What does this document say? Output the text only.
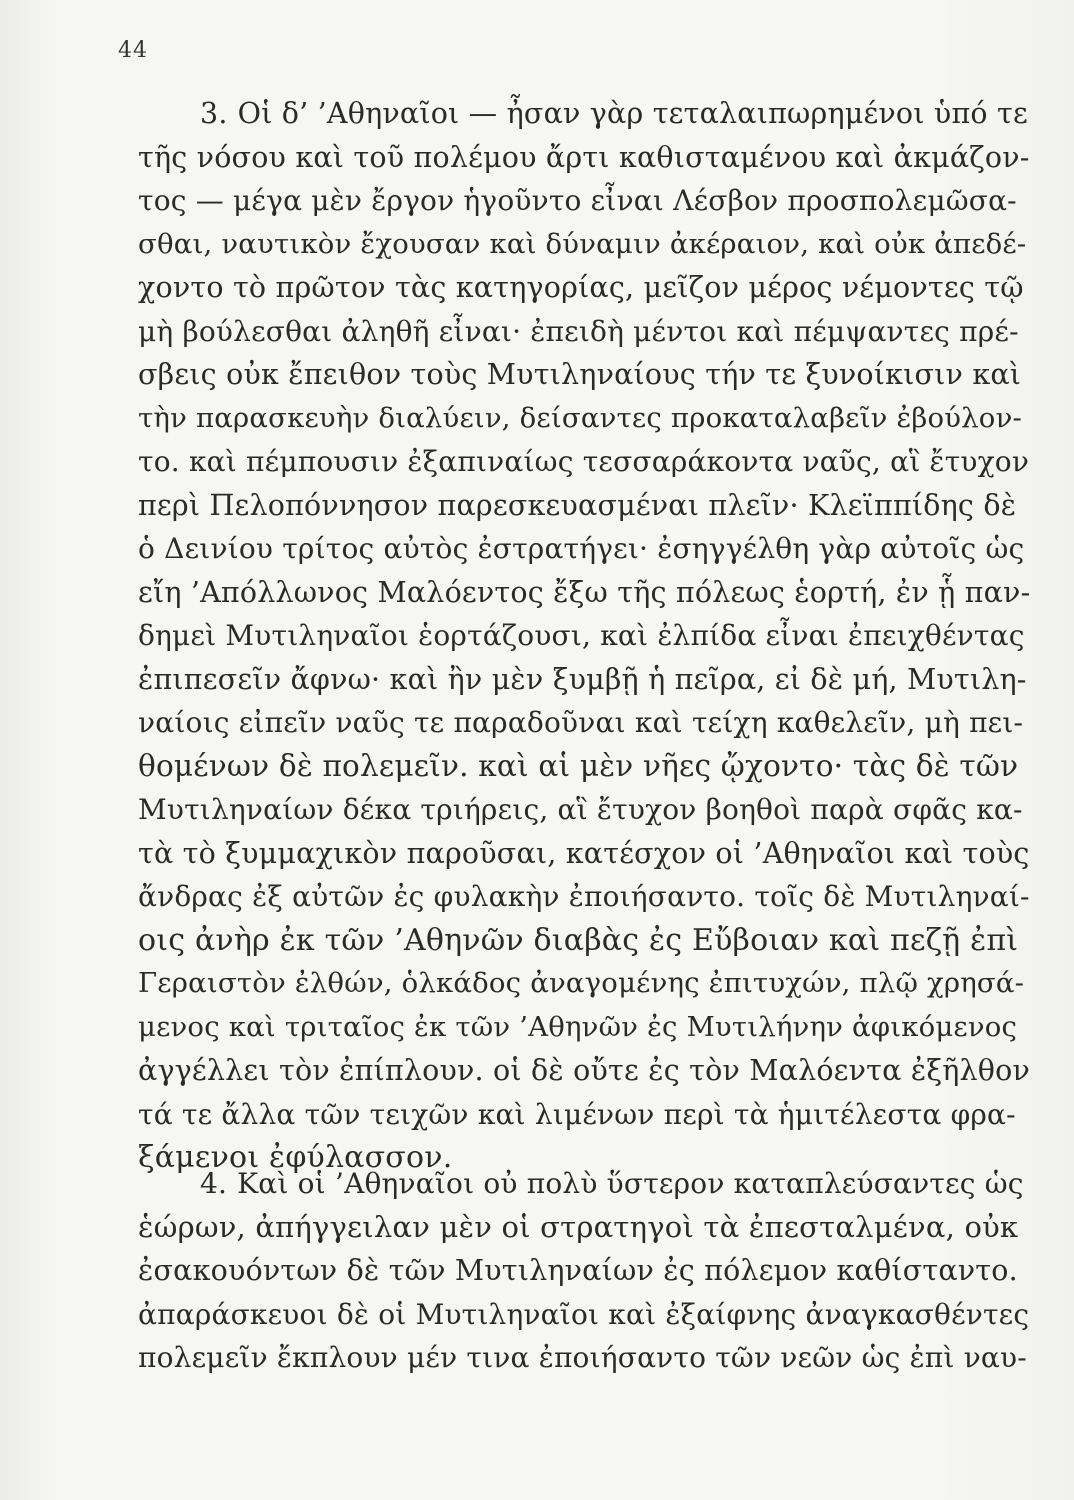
44
3. Οἱ δ’ ’Αθηναῖοι — ἦσαν γὰρ τεταλαιπωρημένοι ὑπό τε
τῆς νόσου καὶ τοῦ πολέμου ἄρτι καθισταμένου καὶ ἀκμάζον-
τος — μέγα μὲν ἔργον ἡγοῦντο εἶναι Λέσβον προσπολεμῶσα-
σθαι, ναυτικὸν ἔχουσαν καὶ δύναμιν ἀκέραιον, καὶ οὐκ ἀπεδέ-
χοντο τὸ πρῶτον τὰς κατηγορίας, μεῖζον μέρος νέμοντες τῷ
μὴ βούλεσθαι ἀληθῆ εἶναι· ἐπειδὴ μέντοι καὶ πέμψαντες πρέ-
σβεις οὐκ ἔπειθον τοὺς Μυτιληναίους τήν τε ξυνοίκισιν καὶ
τὴν παρασκευὴν διαλύειν, δείσαντες προκαταλαβεῖν ἐβούλον-
το. καὶ πέμπουσιν ἐξαπιναίως τεσσαράκοντα ναῦς, αἳ ἔτυχον
περὶ Πελοπόννησον παρεσκευασμέναι πλεῖν· Κλεϊππίδης δὲ
ὁ Δεινίου τρίτος αὐτὸς ἐστρατήγει· ἐσηγγέλθη γὰρ αὐτοῖς ὡς
εἴη ’Απόλλωνος Μαλόεντος ἔξω τῆς πόλεως ἑορτή, ἐν ᾗ παν-
δημεὶ Μυτιληναῖοι ἑορτάζουσι, καὶ ἐλπίδα εἶναι ἐπειχθέντας
ἐπιπεσεῖν ἄφνω· καὶ ἢν μὲν ξυμβῇ ἡ πεῖρα, εἰ δὲ μή, Μυτιλη-
ναίοις εἰπεῖν ναῦς τε παραδοῦναι καὶ τείχη καθελεῖν, μὴ πει-
θομένων δὲ πολεμεῖν. καὶ αἱ μὲν νῆες ᾤχοντο· τὰς δὲ τῶν
Μυτιληναίων δέκα τριήρεις, αἳ ἔτυχον βοηθοὶ παρὰ σφᾶς κα-
τὰ τὸ ξυμμαχικὸν παροῦσαι, κατέσχον οἱ ’Αθηναῖοι καὶ τοὺς
ἄνδρας ἐξ αὐτῶν ἐς φυλακὴν ἐποιήσαντο. τοῖς δὲ Μυτιληναί-
οις ἀνὴρ ἐκ τῶν ’Αθηνῶν διαβὰς ἐς Εὔβοιαν καὶ πεζῇ ἐπὶ
Γεραιστὸν ἐλθών, ὁλκάδος ἀναγομένης ἐπιτυχών, πλῷ χρησά-
μενος καὶ τριταῖος ἐκ τῶν ’Αθηνῶν ἐς Μυτιλήνην ἀφικόμενος
ἀγγέλλει τὸν ἐπίπλουν. οἱ δὲ οὔτε ἐς τὸν Μαλόεντα ἐξῆλθον
τά τε ἄλλα τῶν τειχῶν καὶ λιμένων περὶ τὰ ἡμιτέλεστα φρα-
ξάμενοι ἐφύλασσον.
4. Καὶ οἱ ’Αθηναῖοι οὐ πολὺ ὕστερον καταπλεύσαντες ὡς
ἑώρων, ἀπήγγειλαν μὲν οἱ στρατηγοὶ τὰ ἐπεσταλμένα, οὐκ
ἐσακουόντων δὲ τῶν Μυτιληναίων ἐς πόλεμον καθίσταντο.
ἀπαράσκευοι δὲ οἱ Μυτιληναῖοι καὶ ἐξαίφνης ἀναγκασθέντες
πολεμεῖν ἔκπλουν μέν τινα ἐποιήσαντο τῶν νεῶν ὡς ἐπὶ ναυ-
